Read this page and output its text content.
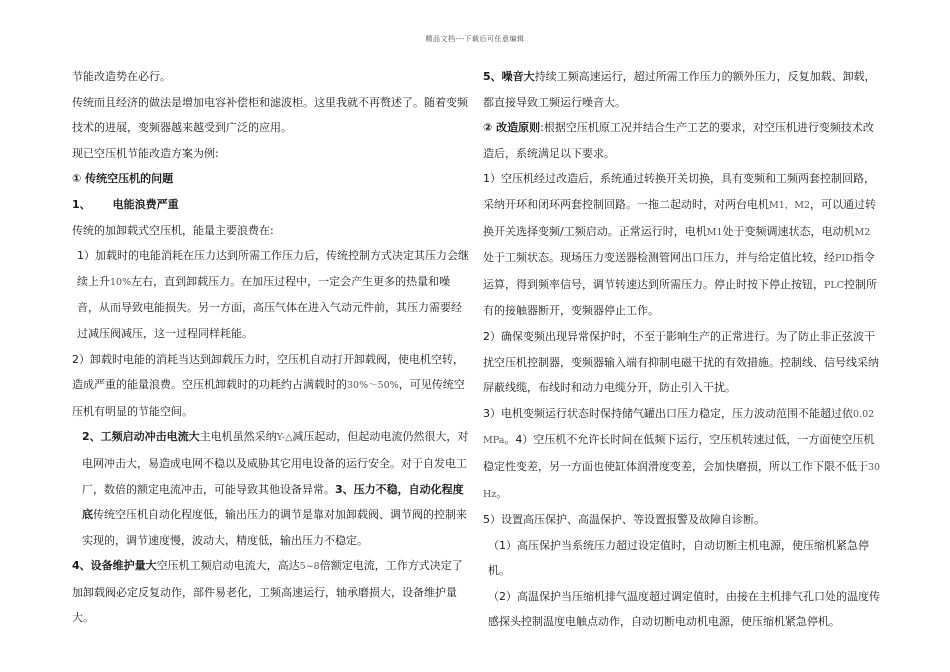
精品文档---下载后可任意编辑

节能改造势在必行。

传统而且经济的做法是增加电容补偿柜和滤波柜。这里我就不再赘述了。随着变频技术的进展，变频器越来越受到广泛的应用。

现已空压机节能改造方案为例:

① 传统空压机的问题

1、 电能浪费严重

传统的加卸载式空压机，能量主要浪费在:

1）加载时的电能消耗在压力达到所需工作压力后，传统控制方式决定其压力会继续上升10%左右，直到卸载压力。在加压过程中，一定会产生更多的热量和噪音，从而导致电能损失。另一方面，高压气体在进入气动元件前，其压力需要经过减压阀减压，这一过程同样耗能。

2）卸载时电能的消耗当达到卸载压力时，空压机自动打开卸载阀，使电机空转，造成严重的能量浪费。空压机卸载时的功耗约占满载时的30%～50%，可见传统空压机有明显的节能空间。

2、工频启动冲击电流大主电机虽然采纳Y-△减压起动，但起动电流仍然很大，对电网冲击大，易造成电网不稳以及威胁其它用电设备的运行安全。对于自发电工厂，数倍的额定电流冲击，可能导致其他设备异常。3、压力不稳，自动化程度底传统空压机自动化程度低，输出压力的调节是靠对加卸载阀、调节阀的控制来实现的，调节速度慢，波动大，精度低，输出压力不稳定。

4、设备维护量大空压机工频启动电流大，高达5~8倍额定电流，工作方式决定了加卸载阀必定反复动作，部件易老化，工频高速运行，轴承磨损大，设备维护量大。

5、噪音大持续工频高速运行，超过所需工作压力的额外压力，反复加载、卸载，都直接导致工频运行噪音大。

② 改造原则:根据空压机原工况并结合生产工艺的要求，对空压机进行变频技术改造后，系统满足以下要求。

1）空压机经过改造后，系统通过转换开关切换，具有变频和工频两套控制回路，采纳开环和闭环两套控制回路。一拖二起动时，对两台电机M1，M2，可以通过转换开关选择变频/工频启动。正常运行时，电机M1处于变频调速状态，电动机M2处于工频状态。现场压力变送器检测管网出口压力，并与给定值比较，经PID指令运算，得到频率信号，调节转速达到所需压力。停止时按下停止按钮，PLC控制所有的接触器断开，变频器停止工作。

2）确保变频出现异常保护时，不至于影响生产的正常进行。为了防止非正弦波干扰空压机控制器，变频器输入端有抑制电磁干扰的有效措施。控制线、信号线采纳屏蔽线缆，布线时和动力电缆分开，防止引入干扰。

3）电机变频运行状态时保持储气罐出口压力稳定，压力波动范围不能超过依0.02 MPa。4）空压机不允许长时间在低频下运行，空压机转速过低，一方面使空压机稳定性变差，另一方面也使缸体润滑度变差，会加快磨损，所以工作下限不低于30 Hz。

5）设置高压保护、高温保护、等设置报警及故障自诊断。

（1）高压保护当系统压力超过设定值时，自动切断主机电源，使压缩机紧急停机。

（2）高温保护当压缩机排气温度超过调定值时，由接在主机排气孔口处的温度传感探头控制温度电触点动作，自动切断电动机电源，使压缩机紧急停机。
